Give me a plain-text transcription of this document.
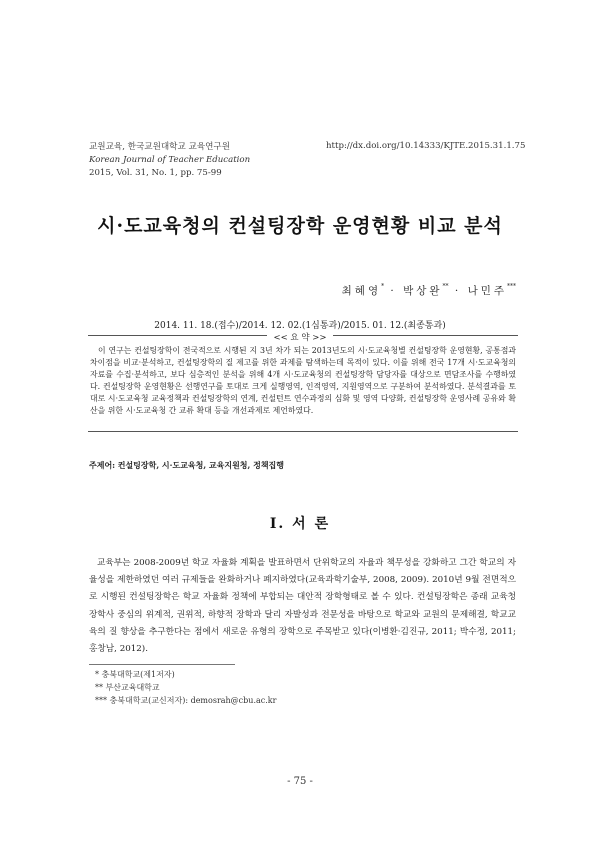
교원교육, 한국교원대학교 교육연구원
Korean Journal of Teacher Education
2015, Vol. 31, No. 1, pp. 75-99
http://dx.doi.org/10.14333/KJTE.2015.31.1.75
시·도교육청의 컨설팅장학 운영현황 비교 분석
최혜영* · 박상완** · 나민주***
2014. 11. 18.(접수)/2014. 12. 02.(1심통과)/2015. 01. 12.(최종통과)
<< 요 약 >>
이 연구는 컨설팅장학이 전국적으로 시행된 지 3년 차가 되는 2013년도의 시·도교육청별 컨설팅장학 운영현황, 공통점과 차이점을 비교·분석하고, 컨설팅장학의 질 제고를 위한 과제를 탐색하는데 목적이 있다. 이를 위해 전국 17개 시·도교육청의 자료를 수집·분석하고, 보다 심층적인 분석을 위해 4개 시·도교육청의 컨설팅장학 담당자를 대상으로 면담조사를 수행하였다. 컨설팅장학 운영현황은 선행연구를 토대로 크게 실행영역, 인적영역, 지원영역으로 구분하여 분석하였다. 분석결과를 토대로 시·도교육청 교육정책과 컨설팅장학의 연계, 컨설턴트 연수과정의 심화 및 영역 다양화, 컨설팅장학 운영사례 공유와 확산을 위한 시·도교육청 간 교류 확대 등을 개선과제로 제언하였다.
주제어: 컨설팅장학, 시·도교육청, 교육지원청, 정책집행
I. 서 론
교육부는 2008-2009년 학교 자율화 계획을 발표하면서 단위학교의 자율과 책무성을 강화하고 그간 학교의 자율성을 제한하였던 여러 규제들을 완화하거나 폐지하였다(교육과학기술부, 2008, 2009). 2010년 9월 전면적으로 시행된 컨설팅장학은 학교 자율화 정책에 부합되는 대안적 장학형태로 볼 수 있다. 컨설팅장학은 종래 교육청 장학사 중심의 위계적, 권위적, 하향적 장학과 달리 자발성과 전문성을 바탕으로 학교와 교원의 문제해결, 학교교육의 질 향상을 추구한다는 점에서 새로운 유형의 장학으로 주목받고 있다(이병환·김진규, 2011; 박수정, 2011; 홍창남, 2012).
* 충북대학교(제1저자)
** 부산교육대학교
*** 충북대학교(교신저자): demosrah@cbu.ac.kr
- 75 -
